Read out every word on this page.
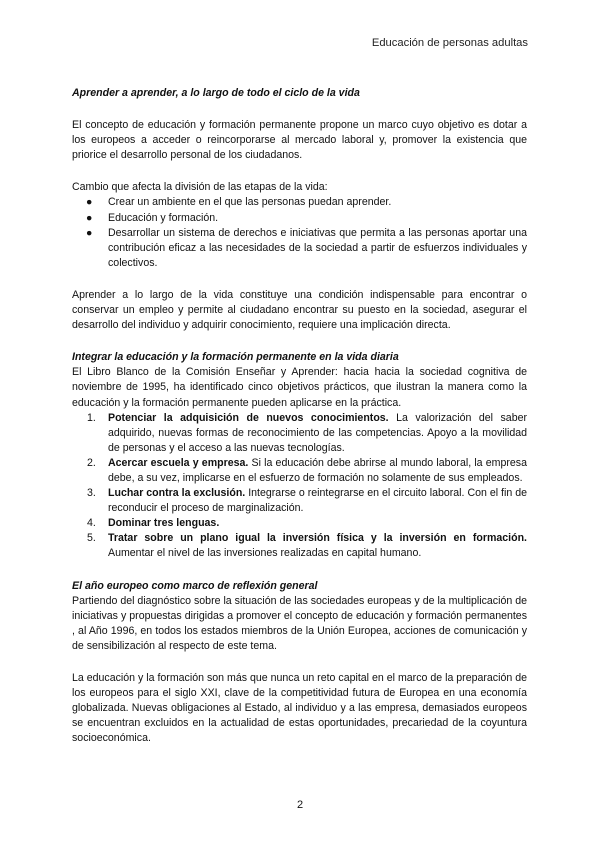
Educación de personas adultas

Aprender a aprender, a lo largo de todo el ciclo de la vida

El concepto de educación y formación permanente propone un marco cuyo objetivo es dotar a los europeos a acceder o reincorporarse al mercado laboral y, promover la existencia que priorice el desarrollo personal de los ciudadanos.

Cambio que afecta la división de las etapas de la vida:

● Crear un ambiente en el que las personas puedan aprender.
● Educación y formación.
● Desarrollar un sistema de derechos e iniciativas que permita a las personas aportar una contribución eficaz a las necesidades de la sociedad a partir de esfuerzos individuales y colectivos.

Aprender a lo largo de la vida constituye una condición indispensable para encontrar o conservar un empleo y permite al ciudadano encontrar su puesto en la sociedad, asegurar el desarrollo del individuo y adquirir conocimiento, requiere una implicación directa.

Integrar la educación y la formación permanente en la vida diaria

El Libro Blanco de la Comisión Enseñar y Aprender: hacia hacia la sociedad cognitiva de noviembre de 1995, ha identificado cinco objetivos prácticos, que ilustran la manera como la educación y la formación permanente pueden aplicarse en la práctica.

1. Potenciar la adquisición de nuevos conocimientos. La valorización del saber adquirido, nuevas formas de reconocimiento de las competencias. Apoyo a la movilidad de personas y el acceso a las nuevas tecnologías.
2. Acercar escuela y empresa. Si la educación debe abrirse al mundo laboral, la empresa debe, a su vez, implicarse en el esfuerzo de formación no solamente de sus empleados.
3. Luchar contra la exclusión. Integrarse o reintegrarse en el circuito laboral. Con el fin de reconducir el proceso de marginalización.
4. Dominar tres lenguas.
5. Tratar sobre un plano igual la inversión física y la inversión en formación. Aumentar el nivel de las inversiones realizadas en capital humano.

El año europeo como marco de reflexión general

Partiendo del diagnóstico sobre la situación de las sociedades europeas y de la multiplicación de iniciativas y propuestas dirigidas a promover el concepto de educación y formación permanentes , al Año 1996, en todos los estados miembros de la Unión Europea, acciones de comunicación y de sensibilización al respecto de este tema.

La educación y la formación son más que nunca un reto capital en el marco de la preparación de los europeos para el siglo XXI, clave de la competitividad futura de Europea en una economía globalizada. Nuevas obligaciones al Estado, al individuo y a las empresa, demasiados europeos se encuentran excluidos en la actualidad de estas oportunidades, precariedad de la coyuntura socioeconómica.

2
